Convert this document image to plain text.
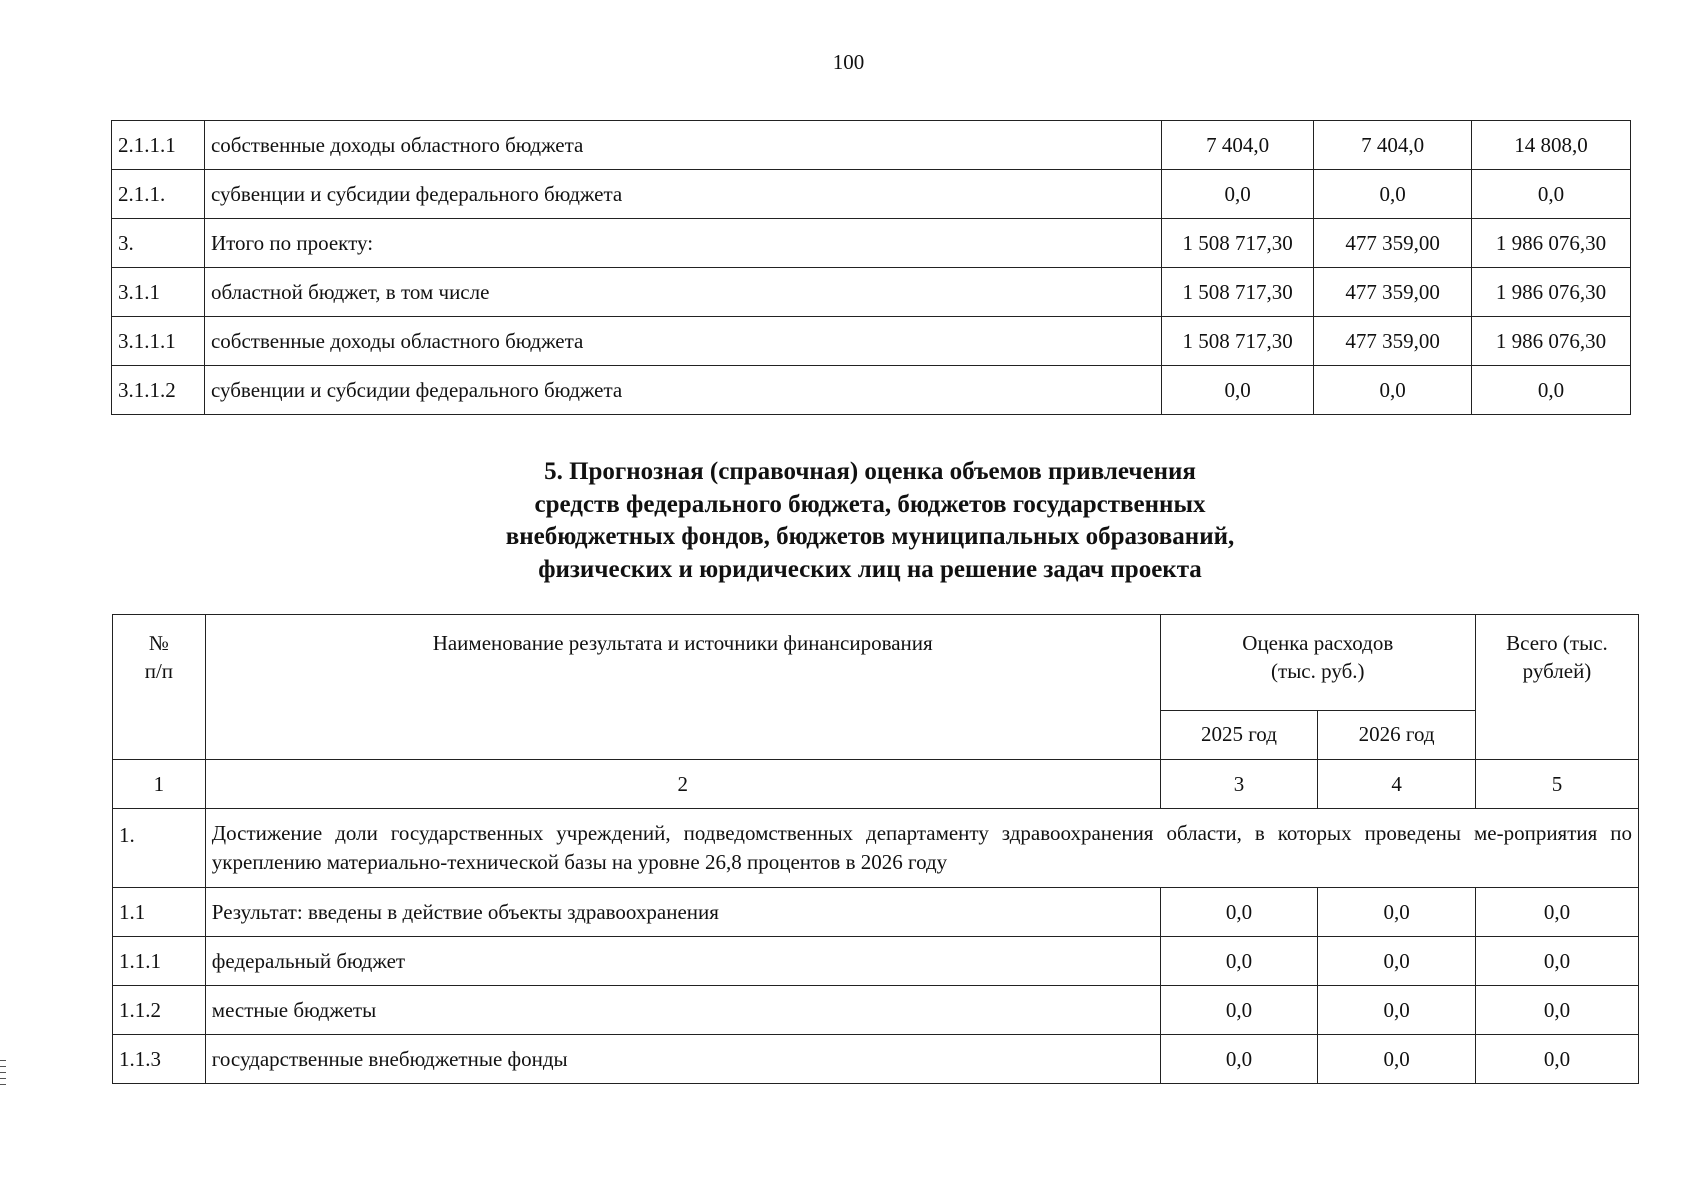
100
2.1.1.1	собственные доходы областного бюджета	7 404,0	7 404,0	14 808,0
2.1.1.	субвенции и субсидии федерального бюджета	0,0	0,0	0,0
3.	Итого по проекту:	1 508 717,30	477 359,00	1 986 076,30
3.1.1	областной бюджет, в том числе	1 508 717,30	477 359,00	1 986 076,30
3.1.1.1	собственные доходы областного бюджета	1 508 717,30	477 359,00	1 986 076,30
3.1.1.2	субвенции и субсидии федерального бюджета	0,0	0,0	0,0
5. Прогнозная (справочная) оценка объемов привлечения
средств федерального бюджета, бюджетов государственных
внебюджетных фондов, бюджетов муниципальных образований,
физических и юридических лиц на решение задач проекта
№ п/п	Наименование результата и источники финансирования	Оценка расходов (тыс. руб.)		Всего (тыс. рублей)
		2025 год	2026 год	
1	2	3	4	5
1.	Достижение доли государственных учреждений, подведомственных департаменту здравоохранения области, в которых проведены ме-роприятия по укреплению материально-технической базы на уровне 26,8 процентов в 2026 году			
1.1	Результат: введены в действие объекты здравоохранения	0,0	0,0	0,0
1.1.1	федеральный бюджет	0,0	0,0	0,0
1.1.2	местные бюджеты	0,0	0,0	0,0
1.1.3	государственные внебюджетные фонды	0,0	0,0	0,0
